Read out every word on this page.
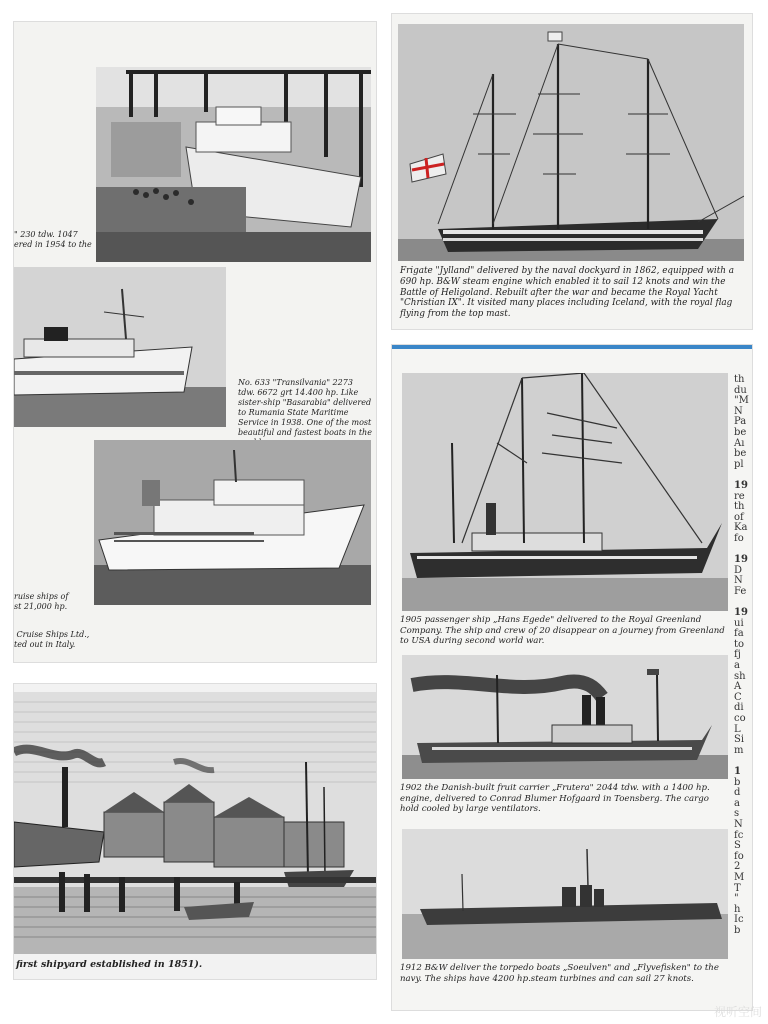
" 230 tdw. 1047
ered in 1954 to the

No. 633 "Transilvania" 2273 tdw. 6672 grt 14.400 hp. Like sister-ship "Basarabia" delivered to Rumania State Maritime Service in 1938. One of the most beautiful and fastest boats in the

ruise ships of
st 21,000 hp.

Cruise Ships Ltd.,
ted out in Italy.

Frigate "Jylland" delivered by the naval dockyard in 1862, equipped with a 690 hp. B&W steam engine which enabled it to sail 12 knots and win the Battle of Heligoland. Rebuilt after the war and became the Royal Yacht "Christian IX". It visited many places including Iceland, with the royal flag flying from the top mast.

first shipyard established in 1851).

1905 passenger ship „Hans Egede" delivered to the Royal Greenland Company. The ship and crew of 20 disappear on a journey from Greenland to USA during second world war.

1902 the Danish-built fruit carrier „Frutera" 2044 tdw. with a 1400 hp. engine, delivered to Conrad Blumer Hofgaard in Toensberg. The cargo hold cooled by large ventilators.

1912 B&W deliver the torpedo boats „Soeulven" and „Flyvefisken" to the navy. The ships have 4200 hp.steam turbines and can sail 27 knots.

th
du
"M
N
Pa
be
Aı
be
pl

19
re
th
of
Ka
fo

19
D
N
Fe

19
ui
fa
to
fj
a
sh
A
C
di
co
L
Si
m

1
b
d
a
s
N
fc
S
fo
2
M
T
"
h
Ic
b
视听空间
